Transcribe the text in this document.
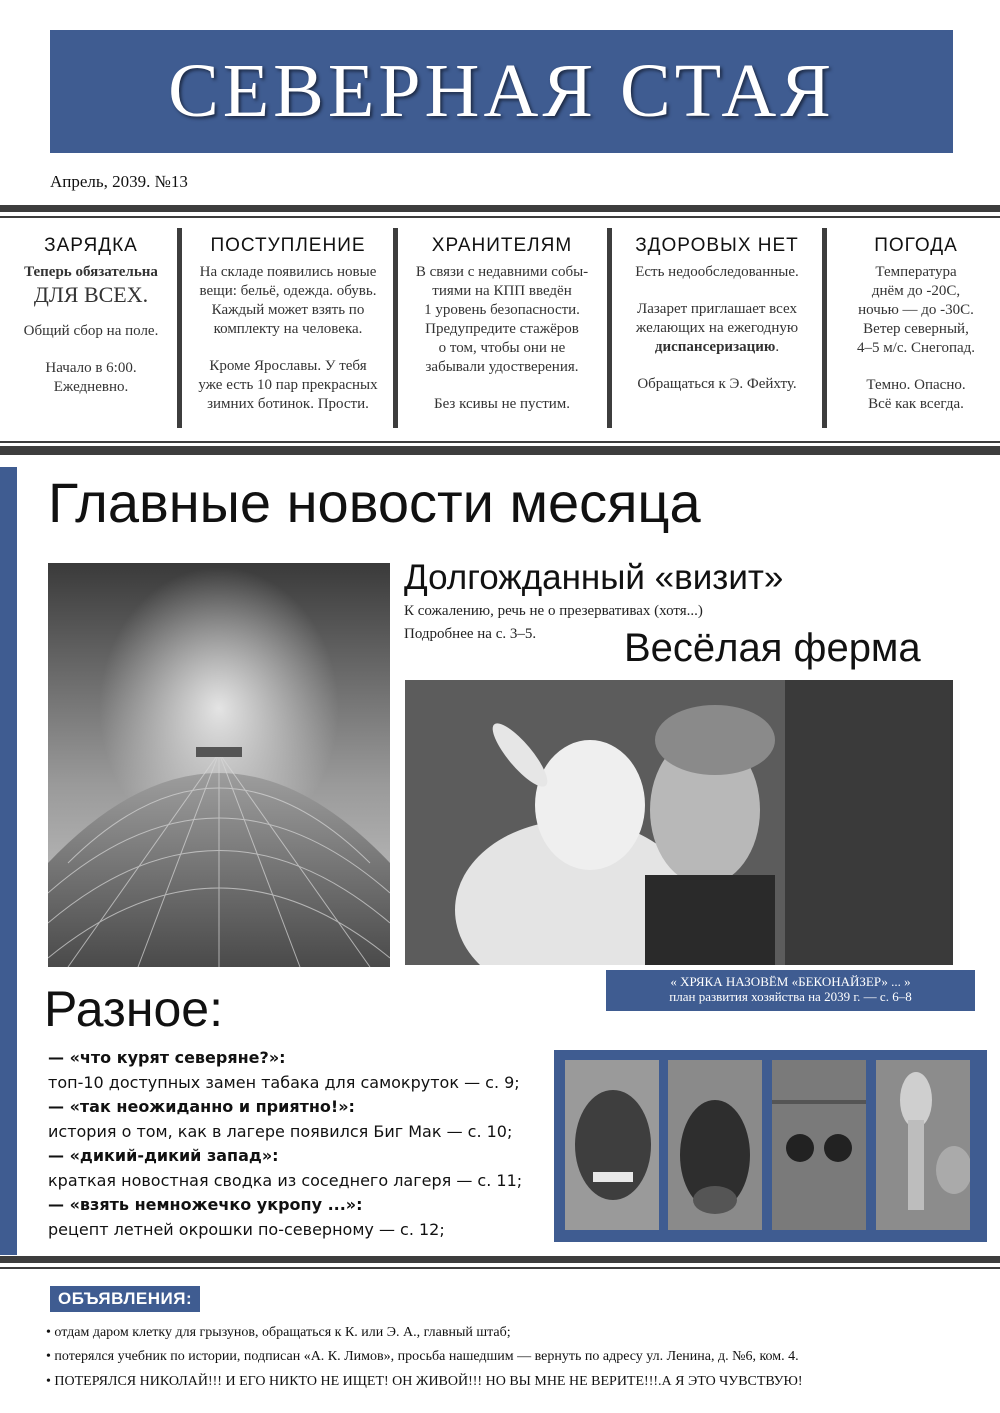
СЕВЕРНАЯ СТАЯ
Апрель, 2039. №13
ЗАРЯДКА
Теперь обязательна
ДЛЯ ВСЕХ.

Общий сбор на поле.

Начало в 6:00.
Ежедневно.

ПОСТУПЛЕНИЕ

На складе появились новые
вещи: бельё, одежда. обувь.
Каждый может взять по
комплекту на человека.

Кроме Ярославы. У тебя
уже есть 10 пар прекрасных
зимних ботинок. Прости.

ХРАНИТЕЛЯМ

В связи с недавними собы-
тиями на КПП введён
1 уровень безопасности.
Предупредите стажёров
о том, чтобы они не
забывали удостверения.

Без ксивы не пустим.

ЗДОРОВЫХ НЕТ

Есть недообследованные.

Лазарет приглашает всех
желающих на ежегодную
диспансеризацию.

Обращаться к Э. Фейхту.

ПОГОДА

Температура
днём до -20С,
ночью — до -30С.
Ветер северный,
4–5 м/с. Снегопад.

Темно. Опасно.
Всё как всегда.

Главные новости месяца
Долгожданный «визит»
К сожалению, речь не о презервативах (хотя...)
Подробнее на с. 3–5. Весёлая ферма
« ХРЯКА НАЗОВЁМ «БЕКОНАЙЗЕР» ... »
план развития хозяйства на 2039 г. — с. 6–8
Разное:
— «что курят северяне?»:
топ-10 доступных замен табака для самокруток — с. 9;
— «так неожиданно и приятно!»:
история о том, как в лагере появился Биг Мак — с. 10;
— «дикий-дикий запад»:
краткая новостная сводка из соседнего лагеря — с. 11;
— «взять немножечко укропу ...»:
рецепт летней окрошки по-северному — с. 12;
ОБЪЯВЛЕНИЯ:
• отдам даром клетку для грызунов, обращаться к К. или Э. А., главный штаб;
• потерялся учебник по истории, подписан «А. К. Лимов», просьба нашедшим — вернуть по адресу ул. Ленина, д. №6, ком. 4.
• ПОТЕРЯЛСЯ НИКОЛАЙ!!! И ЕГО НИКТО НЕ ИЩЕТ! ОН ЖИВОЙ!!! НО ВЫ МНЕ НЕ ВЕРИТЕ!!!.А Я ЭТО ЧУВСТВУЮ!
